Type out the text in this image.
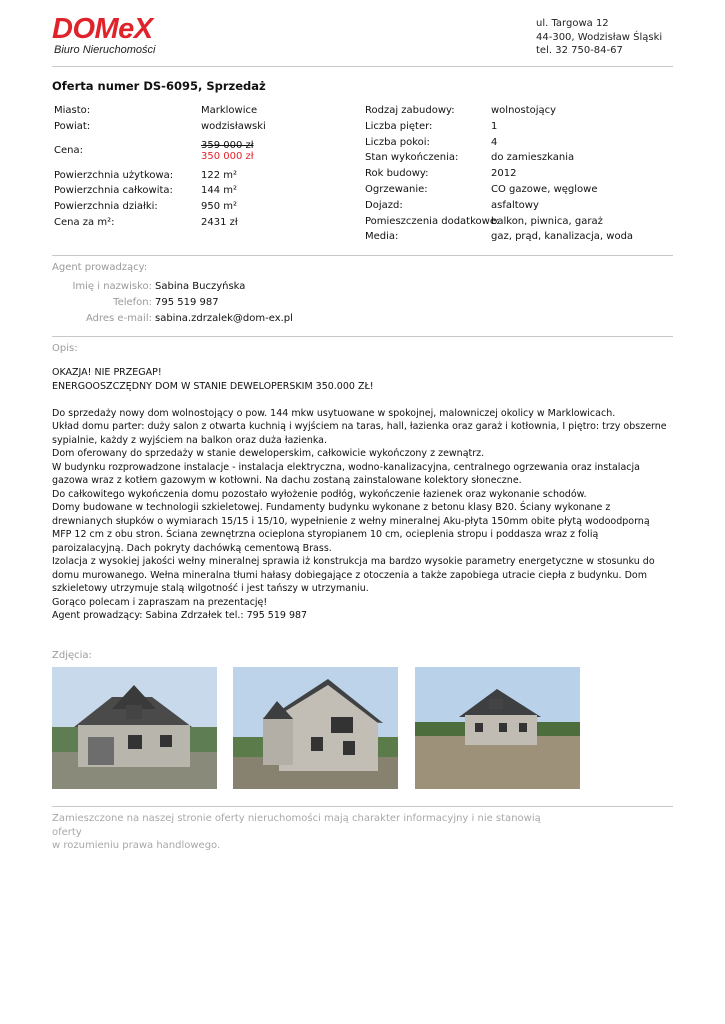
DOMeX
Biuro Nieruchomości
ul. Targowa 12
44-300, Wodzisław Śląski
tel. 32 750-84-67
Oferta numer DS-6095, Sprzedaż
Miasto:	Marklowice
Powiat:	wodzisławski
Cena:	359 000 zł
350 000 zł
Powierzchnia użytkowa:	122 m²
Powierzchnia całkowita:	144 m²
Powierzchnia działki:	950 m²
Cena za m²:	2431 zł
Rodzaj zabudowy:	wolnostojący
Liczba pięter:	1
Liczba pokoi:	4
Stan wykończenia:	do zamieszkania
Rok budowy:	2012
Ogrzewanie:	CO gazowe, węglowe
Dojazd:	asfaltowy
Pomieszczenia dodatkowe:
balkon, piwnica, garaż
Media:	gaz, prąd, kanalizacja, woda
Agent prowadzący:
Imię i nazwisko: Sabina Buczyńska
Telefon: 795 519 987
Adres e-mail: sabina.zdrzalek@dom-ex.pl
Opis:

OKAZJA! NIE PRZEGAP!

ENERGOOSZCZĘDNY DOM W STANIE DEWELOPERSKIM 350.000 ZŁ!

Do sprzedaży nowy dom wolnostojący o pow. 144 mkw usytuowane w spokojnej, malowniczej okolicy w Marklowicach.

Układ domu parter: duży salon z otwarta kuchnią i wyjściem na taras, hall, łazienka oraz garaż i kotłownia, I piętro: trzy obszerne sypialnie, każdy z wyjściem na balkon oraz duża łazienka.

Dom oferowany do sprzedaży w stanie deweloperskim, całkowicie wykończony z zewnątrz.

W budynku rozprowadzone instalacje - instalacja elektryczna, wodno-kanalizacyjna, centralnego ogrzewania oraz instalacja gazowa wraz z kotłem gazowym w kotłowni. Na dachu zostaną zainstalowane kolektory słoneczne.

Do całkowitego wykończenia domu pozostało wyłożenie podłóg, wykończenie łazienek oraz wykonanie schodów.

Domy budowane w technologii szkieletowej. Fundamenty budynku wykonane z betonu klasy B20. Ściany wykonane z drewnianych słupków o wymiarach 15/15 i 15/10, wypełnienie z wełny mineralnej Aku-płyta 150mm obite płytą wodoodporną MFP 12 cm z obu stron. Ściana zewnętrzna ocieplona styropianem 10 cm, ocieplenia stropu i poddasza wraz z folią paroizalacyjną. Dach pokryty dachówką cementową Brass.

Izolacja z wysokiej jakości wełny mineralnej sprawia iż konstrukcja ma bardzo wysokie parametry energetyczne w stosunku do domu murowanego. Wełna mineralna tłumi hałasy dobiegające z otoczenia a także zapobiega utracie ciepła z budynku. Dom szkieletowy utrzymuje stalą wilgotność i jest tańszy w utrzymaniu.

Gorąco polecam i zapraszam na prezentację!

Agent prowadzący: Sabina Zdrzałek tel.: 795 519 987

Zdjęcia:
Zamieszczone na naszej stronie oferty nieruchomości mają charakter informacyjny i nie stanowią oferty
w rozumieniu prawa handlowego.
